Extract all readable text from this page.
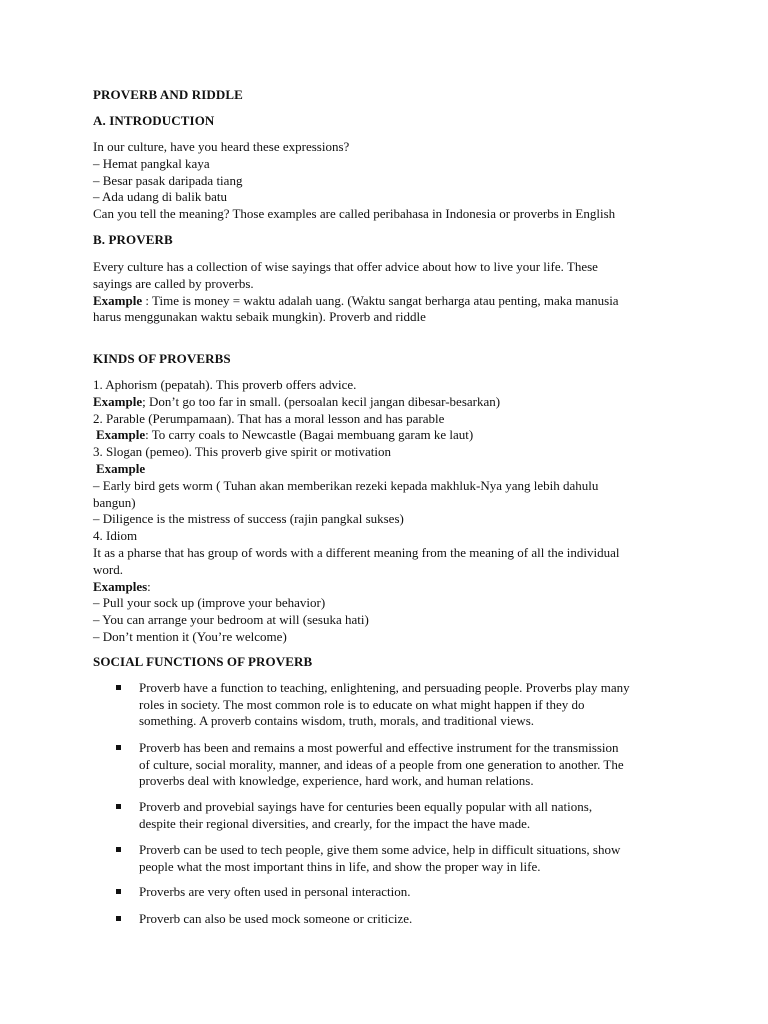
PROVERB AND RIDDLE
A. INTRODUCTION
In our culture, have you heard these expressions?
– Hemat pangkal kaya
– Besar pasak daripada tiang
– Ada udang di balik batu
Can you tell the meaning? Those examples are called peribahasa in Indonesia or proverbs in English
B. PROVERB
Every culture has a collection of wise sayings that offer advice about how to live your life. These
sayings are called by proverbs.
Example : Time is money = waktu adalah uang. (Waktu sangat berharga atau penting, maka manusia
harus menggunakan waktu sebaik mungkin). Proverb and riddle
KINDS OF PROVERBS
1. Aphorism (pepatah). This proverb offers advice.
Example; Don’t go too far in small. (persoalan kecil jangan dibesar-besarkan)
2. Parable (Perumpamaan). That has a moral lesson and has parable
Example: To carry coals to Newcastle (Bagai membuang garam ke laut)
3. Slogan (pemeo). This proverb give spirit or motivation
Example
– Early bird gets worm ( Tuhan akan memberikan rezeki kepada makhluk-Nya yang lebih dahulu
bangun)
– Diligence is the mistress of success (rajin pangkal sukses)
4. Idiom
It as a pharse that has group of words with a different meaning from the meaning of all the individual
word.
Examples:
– Pull your sock up (improve your behavior)
– You can arrange your bedroom at will (sesuka hati)
– Don’t mention it (You’re welcome)
SOCIAL FUNCTIONS OF PROVERB
Proverb have a function to teaching, enlightening, and persuading people. Proverbs play many
roles in society. The most common role is to educate on what might happen if they do
something. A proverb contains wisdom, truth, morals, and traditional views.
Proverb has been and remains a most powerful and effective instrument for the transmission
of culture, social morality, manner, and ideas of a people from one generation to another. The
proverbs deal with knowledge, experience, hard work, and human relations.
Proverb and provebial sayings have for centuries been equally popular with all nations,
despite their regional diversities, and crearly, for the impact the have made.
Proverb can be used to tech people, give them some advice, help in difficult situations, show
people what the most important thins in life, and show the proper way in life.
Proverbs are very often used in personal interaction.
Proverb can also be used mock someone or criticize.
